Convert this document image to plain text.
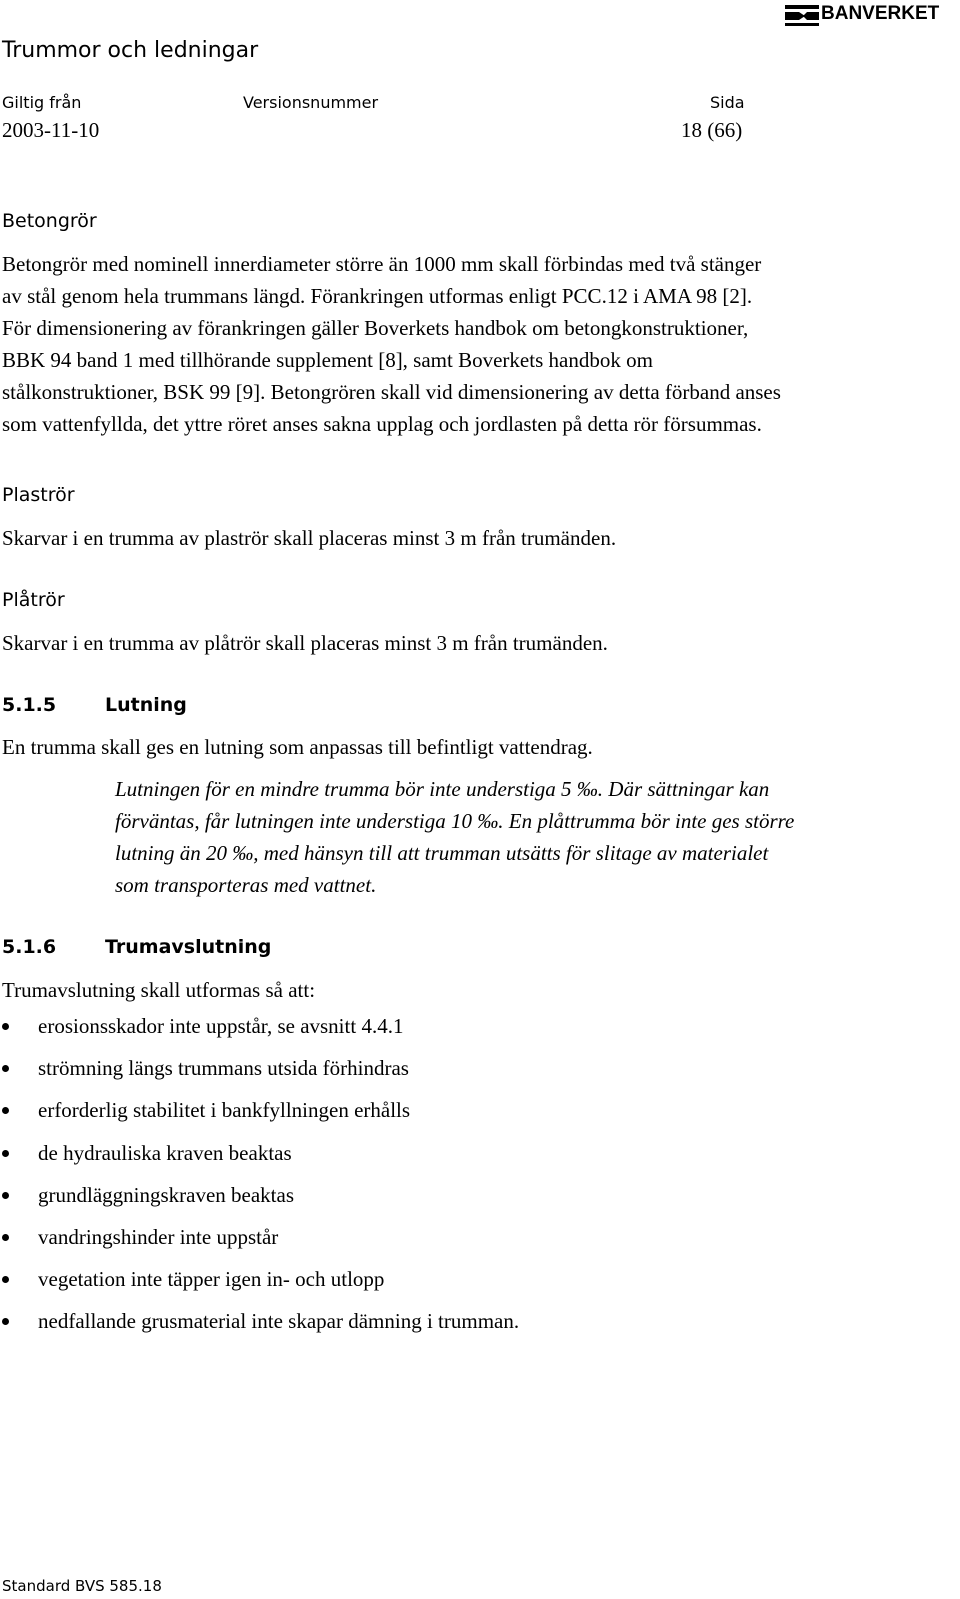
BANVERKET
Trummor och ledningar
Giltig från	Versionsnummer	Sida
2003-11-10	18 (66)
Betongrör
Betongrör med nominell innerdiameter större än 1000 mm skall förbindas med två stänger
av stål genom hela trummans längd. Förankringen utformas enligt PCC.12 i AMA 98 [2].
För dimensionering av förankringen gäller Boverkets handbok om betongkonstruktioner,
BBK 94 band 1 med tillhörande supplement [8], samt Boverkets handbok om
stålkonstruktioner, BSK 99 [9]. Betongrören skall vid dimensionering av detta förband anses
som vattenfyllda, det yttre röret anses sakna upplag och jordlasten på detta rör försummas.
Plaströr
Skarvar i en trumma av plaströr skall placeras minst 3 m från trumänden.
Plåtrör
Skarvar i en trumma av plåtrör skall placeras minst 3 m från trumänden.
5.1.5	Lutning
En trumma skall ges en lutning som anpassas till befintligt vattendrag.
Lutningen för en mindre trumma bör inte understiga 5 ‰. Där sättningar kan
förväntas, får lutningen inte understiga 10 ‰. En plåttrumma bör inte ges större
lutning än 20 ‰, med hänsyn till att trumman utsätts för slitage av materialet
som transporteras med vattnet.
5.1.6	Trumavslutning
Trumavslutning skall utformas så att:
erosionsskador inte uppstår, se avsnitt 4.4.1
strömning längs trummans utsida förhindras
erforderlig stabilitet i bankfyllningen erhålls
de hydrauliska kraven beaktas
grundläggningskraven beaktas
vandringshinder inte uppstår
vegetation inte täpper igen in- och utlopp
nedfallande grusmaterial inte skapar dämning i trumman.
Standard BVS 585.18
